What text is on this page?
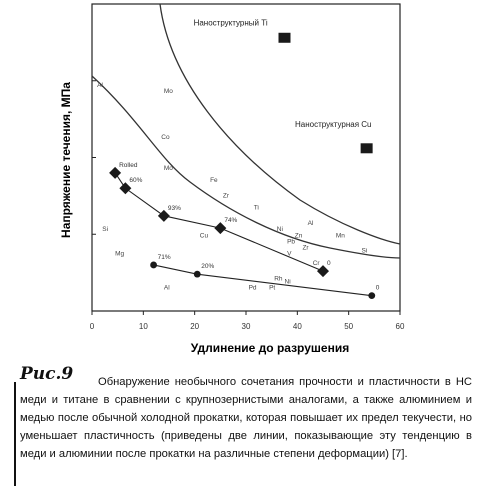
0	10	20	30	40	50	60
Al
Mo
Co
Mo
Fe
Zr
Ti
Ni
Pb
Zn
Al
Mn
V
Zr
Cr
Si
Si
Mg
Pd Pt
Rh Ni
Cu
Al
Rolled
60%
93%
74%
0
71%
20%
0
Наноструктурный Ti
Наноструктурная Cu
Удлинение до разрушения
Напряжение течения, МПа
Рис.9	Обнаружение необычного сочетания прочности и пластичности в НС меди и титане в сравнении с крупнозернистыми аналогами, а также алюминием и медью после обычной холодной прокатки, которая повышает их предел текучести, но уменьшает пластичность (приведены две линии, показывающие эту тенденцию в меди и алюминии после прокатки на различные степени деформации) [7].
